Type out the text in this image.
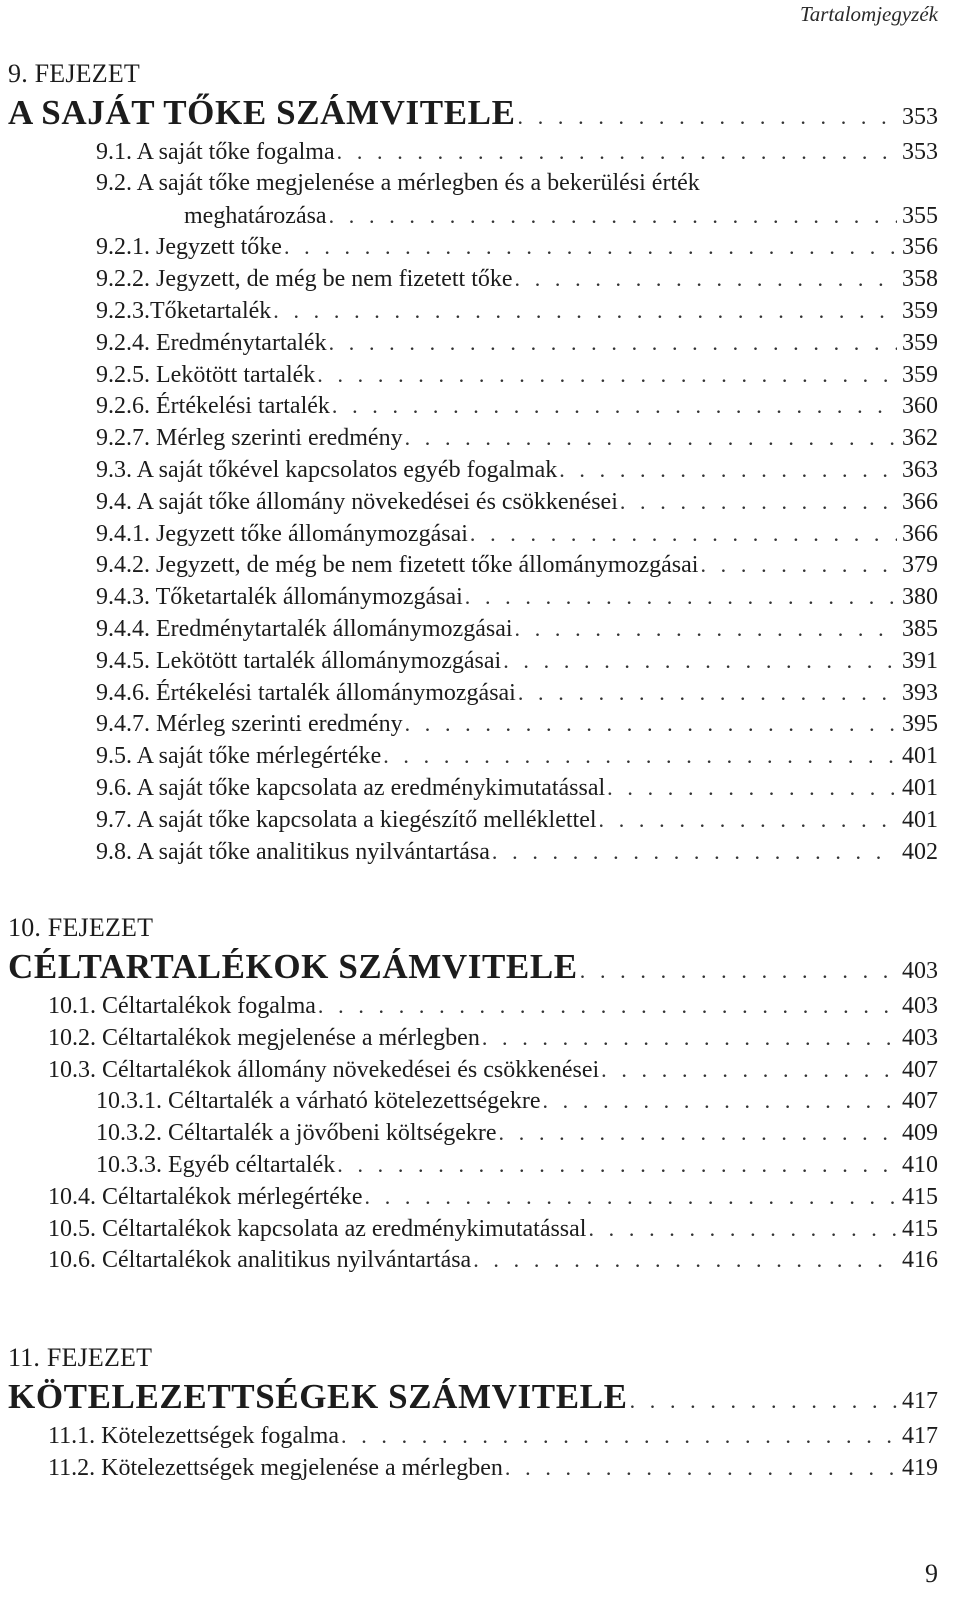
Tartalomjegyzék
9. FEJEZET
A SAJÁT TŐKE SZÁMVITELE . . .	353
9.1. A saját tőke fogalma . . .	353
9.2. A saját tőke megjelenése a mérlegben és a bekerülési érték
meghatározása . . .	355
9.2.1. Jegyzett tőke . . .	356
9.2.2. Jegyzett, de még be nem fizetett tőke . . .	358
9.2.3.Tőketartalék . . .	359
9.2.4. Eredménytartalék . . .	359
9.2.5. Lekötött tartalék . . .	359
9.2.6. Értékelési tartalék . . .	360
9.2.7. Mérleg szerinti eredmény . . .	362
9.3. A saját tőkével kapcsolatos egyéb fogalmak . . .	363
9.4. A saját tőke állomány növekedései és csökkenései . . .	366
9.4.1. Jegyzett tőke állománymozgásai . . .	366
9.4.2. Jegyzett, de még be nem fizetett tőke állománymozgásai . . .	379
9.4.3. Tőketartalék állománymozgásai . . .	380
9.4.4. Eredménytartalék állománymozgásai . . .	385
9.4.5. Lekötött tartalék állománymozgásai . . .	391
9.4.6. Értékelési tartalék állománymozgásai . . .	393
9.4.7. Mérleg szerinti eredmény . . .	395
9.5. A saját tőke mérlegértéke . . .	401
9.6. A saját tőke kapcsolata az eredménykimutatással . . .	401
9.7. A saját tőke kapcsolata a kiegészítő melléklettel . . .	401
9.8. A saját tőke analitikus nyilvántartása . . .	402
10. FEJEZET
CÉLTARTALÉKOK SZÁMVITELE . . .	403
10.1. Céltartalékok fogalma . . .	403
10.2. Céltartalékok megjelenése a mérlegben . . .	403
10.3. Céltartalékok állomány növekedései és csökkenései . . .	407
10.3.1. Céltartalék a várható kötelezettségekre . . .	407
10.3.2. Céltartalék a jövőbeni költségekre . . .	409
10.3.3. Egyéb céltartalék . . .	410
10.4. Céltartalékok mérlegértéke . . .	415
10.5. Céltartalékok kapcsolata az eredménykimutatással . . .	415
10.6. Céltartalékok analitikus nyilvántartása . . .	416
11. FEJEZET
KÖTELEZETTSÉGEK SZÁMVITELE . . .	417
11.1. Kötelezettségek fogalma . . .	417
11.2. Kötelezettségek megjelenése a mérlegben . . .	419
9
